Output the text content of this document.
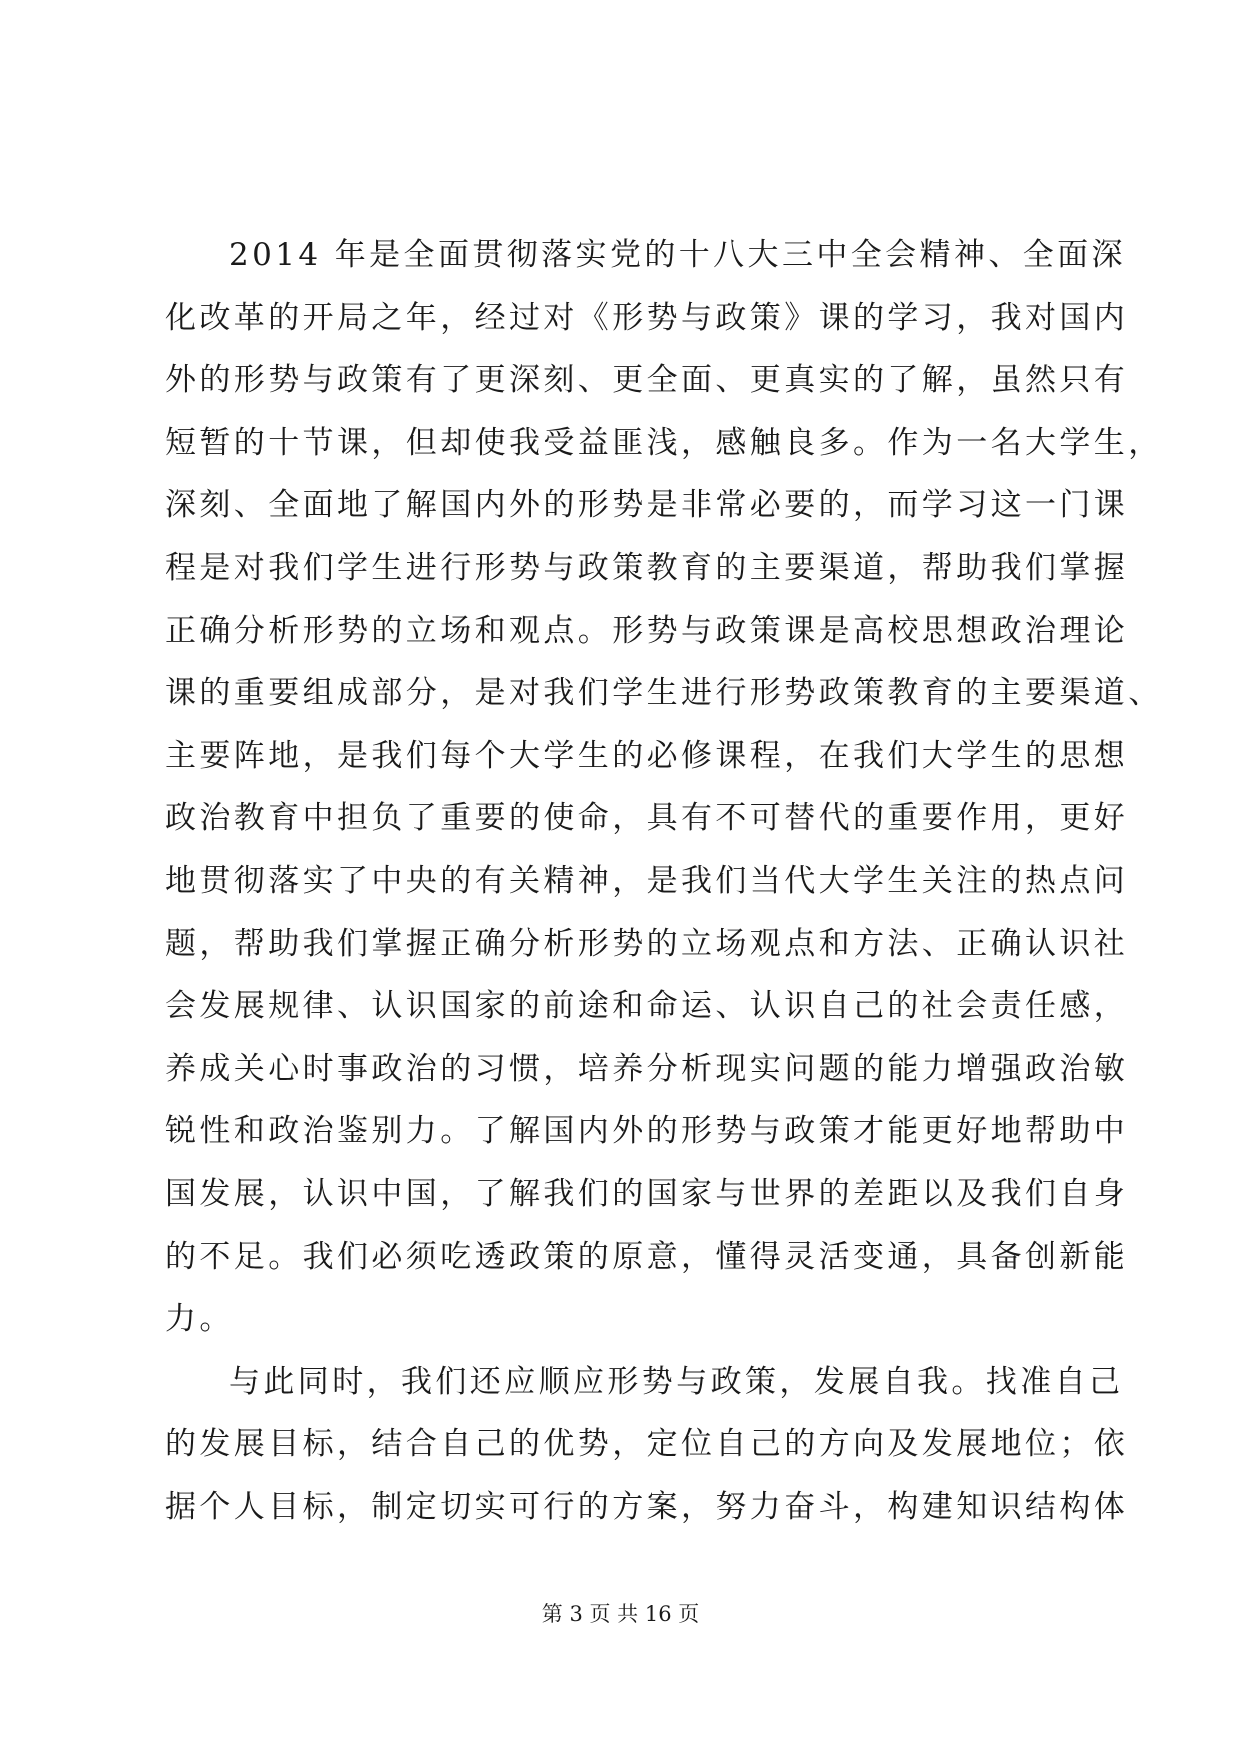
2014 年是全面贯彻落实党的十八大三中全会精神、全面深
化改革的开局之年，经过对《形势与政策》课的学习，我对国内
外的形势与政策有了更深刻、更全面、更真实的了解，虽然只有
短暂的十节课，但却使我受益匪浅，感触良多。作为一名大学生，
深刻、全面地了解国内外的形势是非常必要的，而学习这一门课
程是对我们学生进行形势与政策教育的主要渠道，帮助我们掌握
正确分析形势的立场和观点。形势与政策课是高校思想政治理论
课的重要组成部分，是对我们学生进行形势政策教育的主要渠道、
主要阵地，是我们每个大学生的必修课程，在我们大学生的思想
政治教育中担负了重要的使命，具有不可替代的重要作用，更好
地贯彻落实了中央的有关精神，是我们当代大学生关注的热点问
题，帮助我们掌握正确分析形势的立场观点和方法、正确认识社
会发展规律、认识国家的前途和命运、认识自己的社会责任感，
养成关心时事政治的习惯，培养分析现实问题的能力增强政治敏
锐性和政治鉴别力。了解国内外的形势与政策才能更好地帮助中
国发展，认识中国，了解我们的国家与世界的差距以及我们自身
的不足。我们必须吃透政策的原意，懂得灵活变通，具备创新能
力。
与此同时，我们还应顺应形势与政策，发展自我。找准自己
的发展目标，结合自己的优势，定位自己的方向及发展地位；依
据个人目标，制定切实可行的方案，努力奋斗，构建知识结构体
第 3 页 共 16 页
